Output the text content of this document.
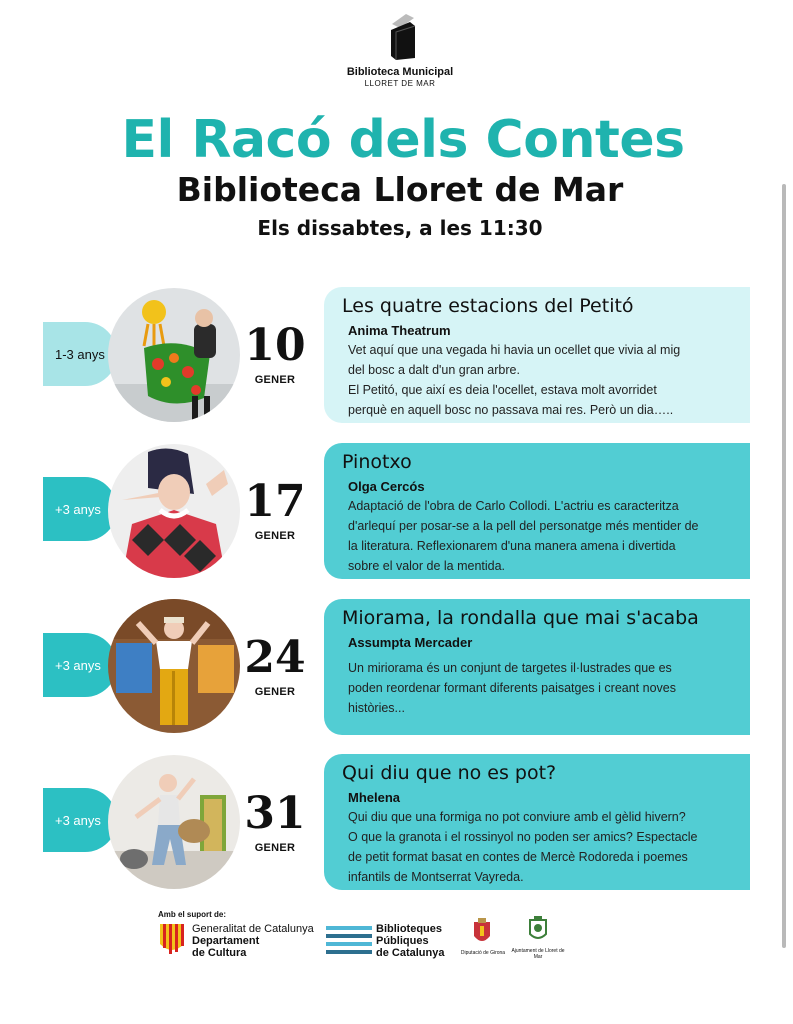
Biblioteca Municipal
LLORET DE MAR
El Racó dels Contes
Biblioteca Lloret de Mar
Els dissabtes, a les 11:30
1-3 anys	10
GENER
Les quatre estacions del Petitó
Anima Theatrum
Vet aquí que una vegada hi havia un ocellet que vivia al mig
del bosc a dalt d'un gran arbre.
El Petitó, que així es deia l'ocellet, estava molt avorridet
perquè en aquell bosc no passava mai res. Però un dia…..
+3 anys	17
GENER
Pinotxo
Olga Cercós
Adaptació de l'obra de Carlo Collodi. L'actriu es caracteritza
d'arlequí per posar-se a la pell del personatge més mentider de
la literatura. Reflexionarem d'una manera amena i divertida
sobre el valor de la mentida.
+3 anys	24
GENER
Miorama, la rondalla que mai s'acaba
Assumpta Mercader
Un miriorama és un conjunt de targetes il·lustrades que es
poden reordenar formant diferents paisatges i creant noves
històries...
+3 anys	31
GENER
Qui diu que no es pot?
Mhelena
Qui diu que una formiga no pot conviure amb el gèlid hivern?
O que la granota i el rossinyol no poden ser amics? Espectacle
de petit format basat en contes de Mercè Rodoreda i poemes
infantils de Montserrat Vayreda.
Amb el suport de:
Generalitat de Catalunya
Departament
de Cultura
Biblioteques
Públiques
de Catalunya	Diputació de Girona	Ajuntament de Lloret de Mar
